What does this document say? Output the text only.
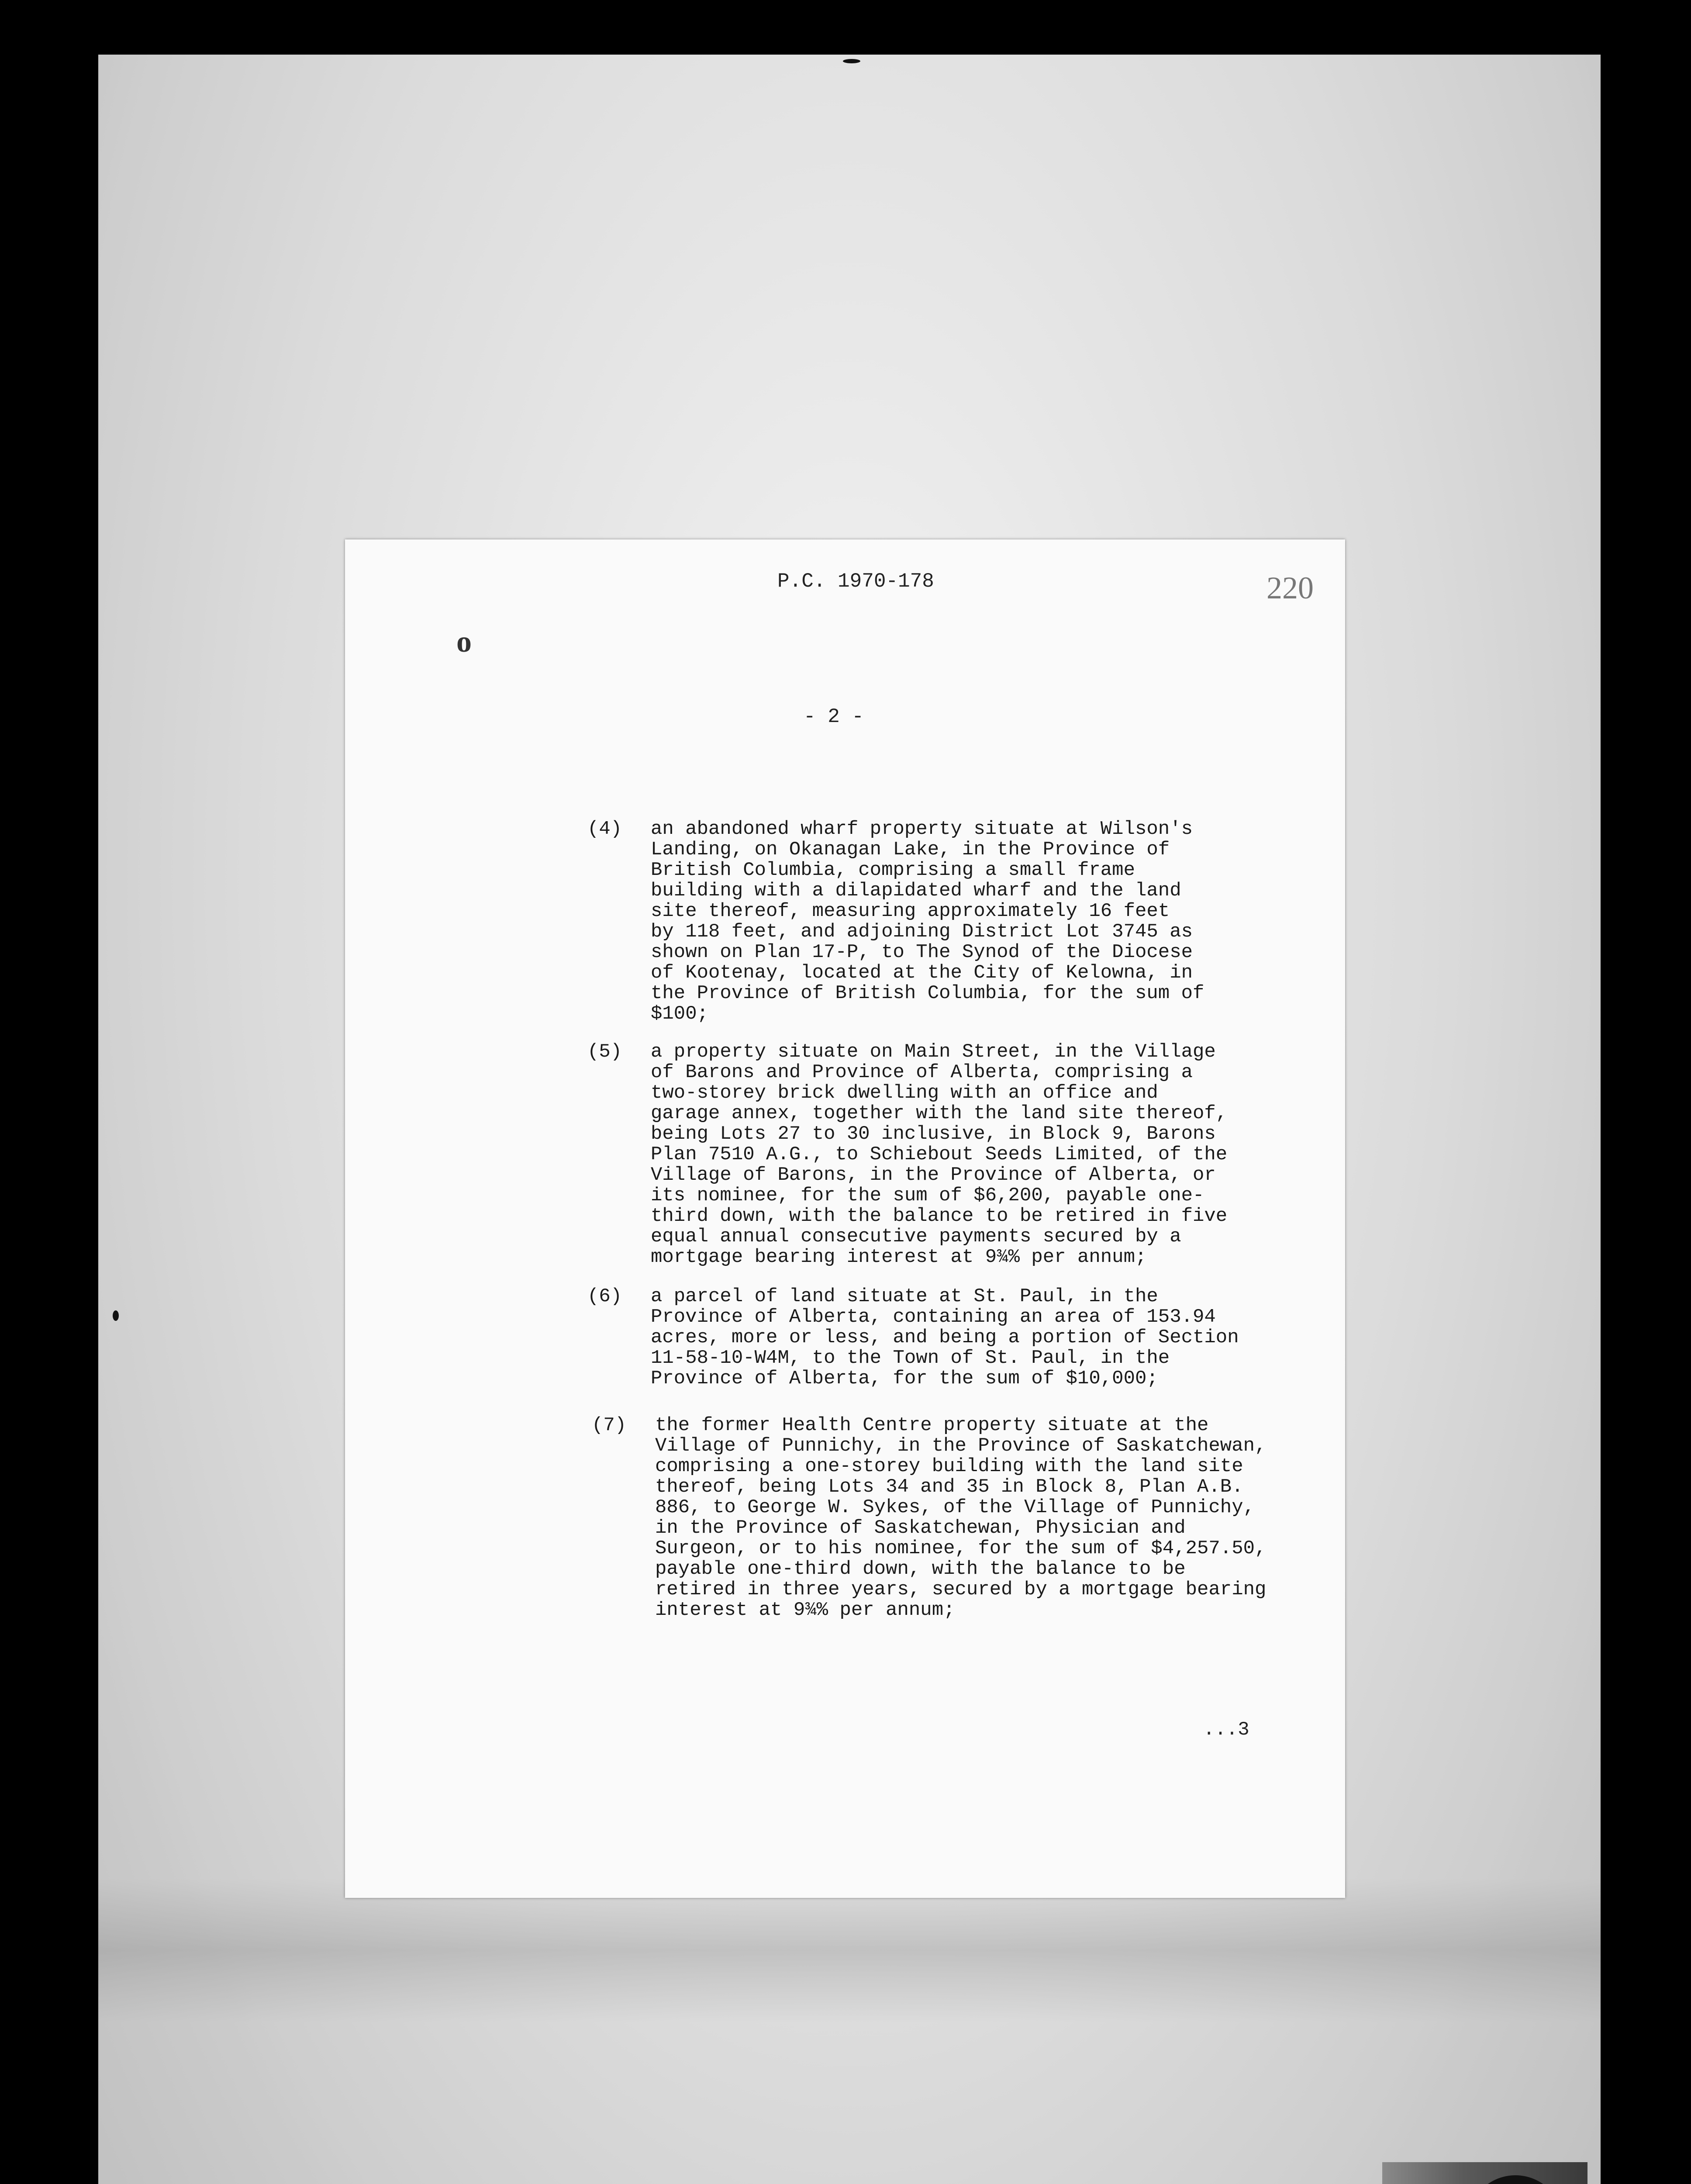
P.C. 1970-178	220
o
- 2 -
(4) an abandoned wharf property situate at Wilson's
Landing, on Okanagan Lake, in the Province of
British Columbia, comprising a small frame
building with a dilapidated wharf and the land
site thereof, measuring approximately 16 feet
by 118 feet, and adjoining District Lot 3745 as
shown on Plan 17-P, to The Synod of the Diocese
of Kootenay, located at the City of Kelowna, in
the Province of British Columbia, for the sum of
$100;
(5) a property situate on Main Street, in the Village
of Barons and Province of Alberta, comprising a
two-storey brick dwelling with an office and
garage annex, together with the land site thereof,
being Lots 27 to 30 inclusive, in Block 9, Barons
Plan 7510 A.G., to Schiebout Seeds Limited, of the
Village of Barons, in the Province of Alberta, or
its nominee, for the sum of $6,200, payable one-
third down, with the balance to be retired in five
equal annual consecutive payments secured by a
mortgage bearing interest at 9¾% per annum;
(6) a parcel of land situate at St. Paul, in the
Province of Alberta, containing an area of 153.94
acres, more or less, and being a portion of Section
11-58-10-W4M, to the Town of St. Paul, in the
Province of Alberta, for the sum of $10,000;
(7) the former Health Centre property situate at the
Village of Punnichy, in the Province of Saskatchewan,
comprising a one-storey building with the land site
thereof, being Lots 34 and 35 in Block 8, Plan A.B.
886, to George W. Sykes, of the Village of Punnichy,
in the Province of Saskatchewan, Physician and
Surgeon, or to his nominee, for the sum of $4,257.50,
payable one-third down, with the balance to be
retired in three years, secured by a mortgage bearing
interest at 9¾% per annum;
...3
